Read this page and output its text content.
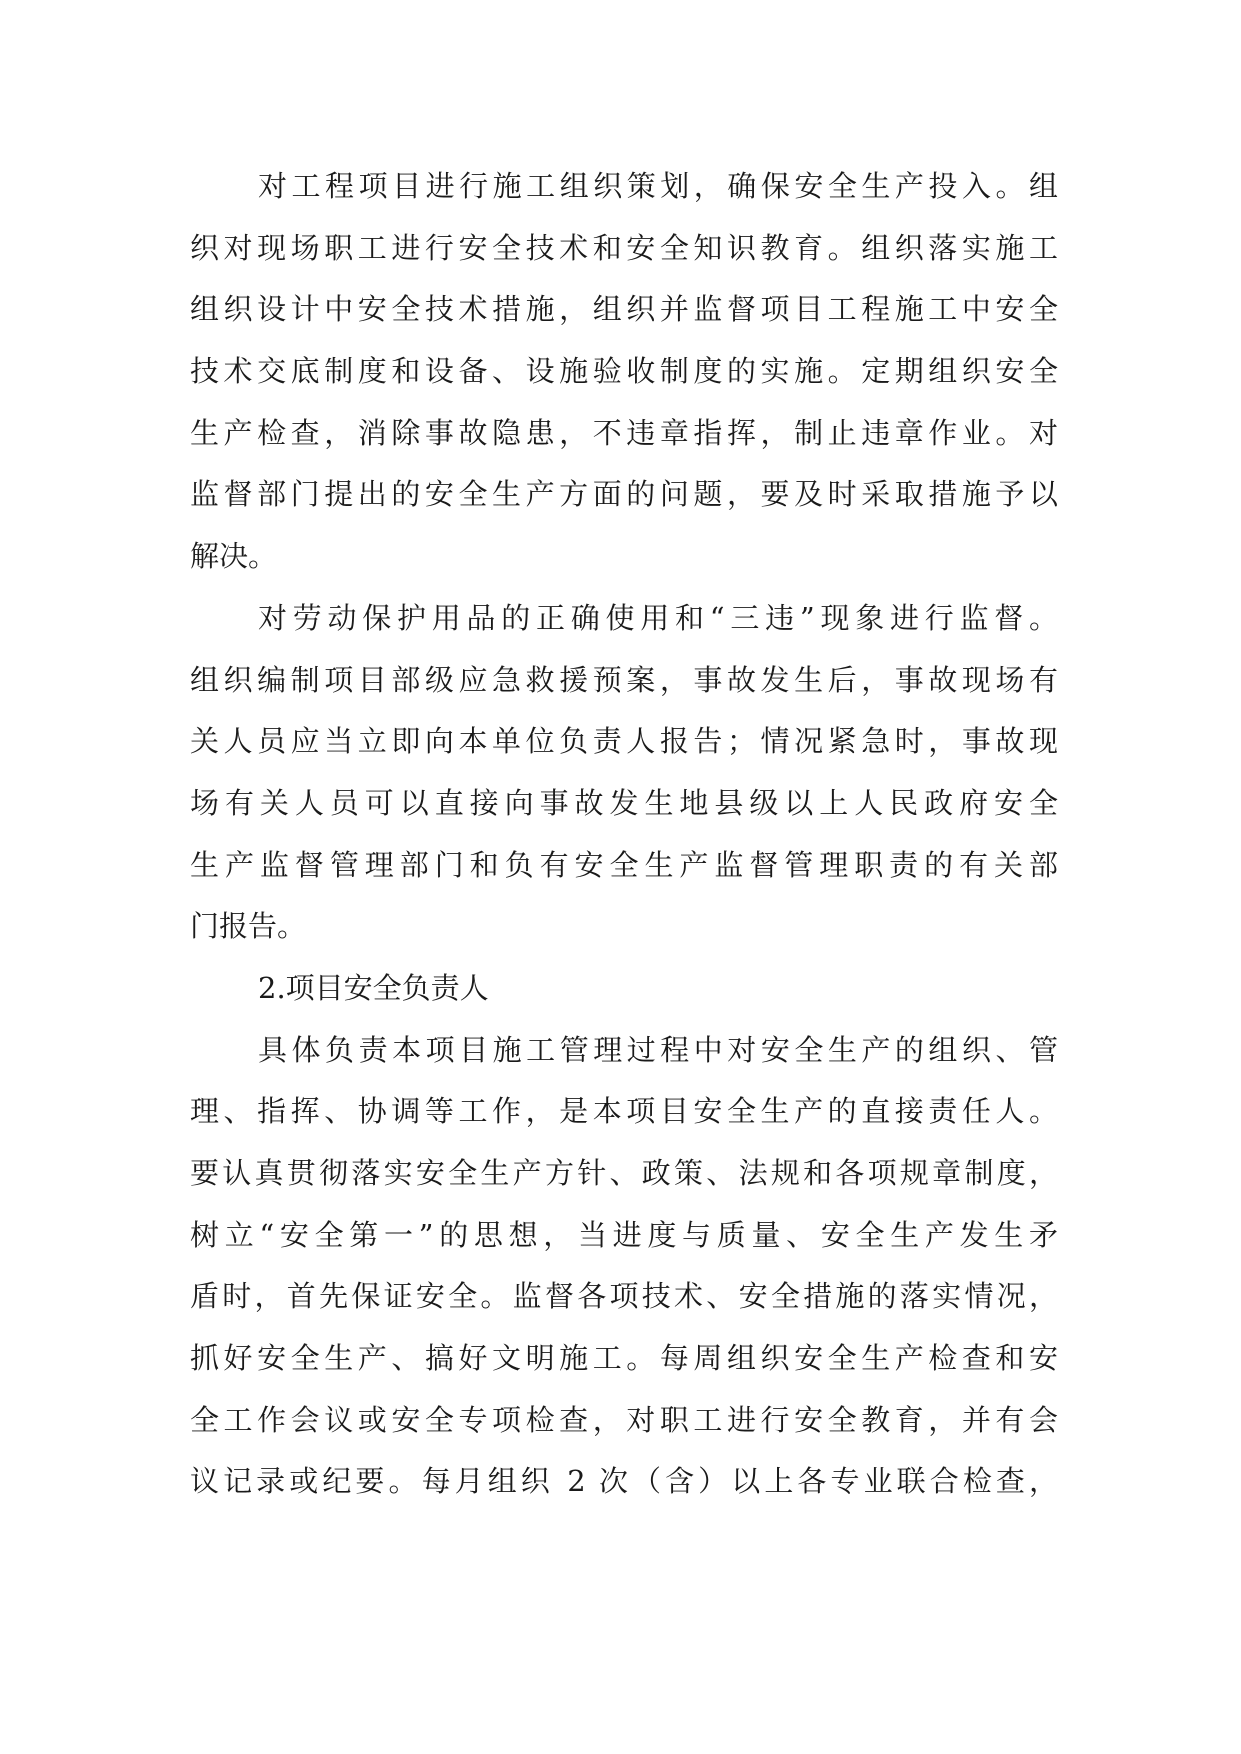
对工程项目进行施工组织策划，确保安全生产投入。组
织对现场职工进行安全技术和安全知识教育。组织落实施工
组织设计中安全技术措施，组织并监督项目工程施工中安全
技术交底制度和设备、设施验收制度的实施。定期组织安全
生产检查，消除事故隐患，不违章指挥，制止违章作业。对
监督部门提出的安全生产方面的问题，要及时采取措施予以
解决。
对劳动保护用品的正确使用和“三违”现象进行监督。
组织编制项目部级应急救援预案，事故发生后，事故现场有
关人员应当立即向本单位负责人报告；情况紧急时，事故现
场有关人员可以直接向事故发生地县级以上人民政府安全
生产监督管理部门和负有安全生产监督管理职责的有关部
门报告。
2.项目安全负责人
具体负责本项目施工管理过程中对安全生产的组织、管
理、指挥、协调等工作，是本项目安全生产的直接责任人。
要认真贯彻落实安全生产方针、政策、法规和各项规章制度，
树立“安全第一”的思想，当进度与质量、安全生产发生矛
盾时，首先保证安全。监督各项技术、安全措施的落实情况，
抓好安全生产、搞好文明施工。每周组织安全生产检查和安
全工作会议或安全专项检查，对职工进行安全教育，并有会
议记录或纪要。每月组织 2 次（含）以上各专业联合检查，
